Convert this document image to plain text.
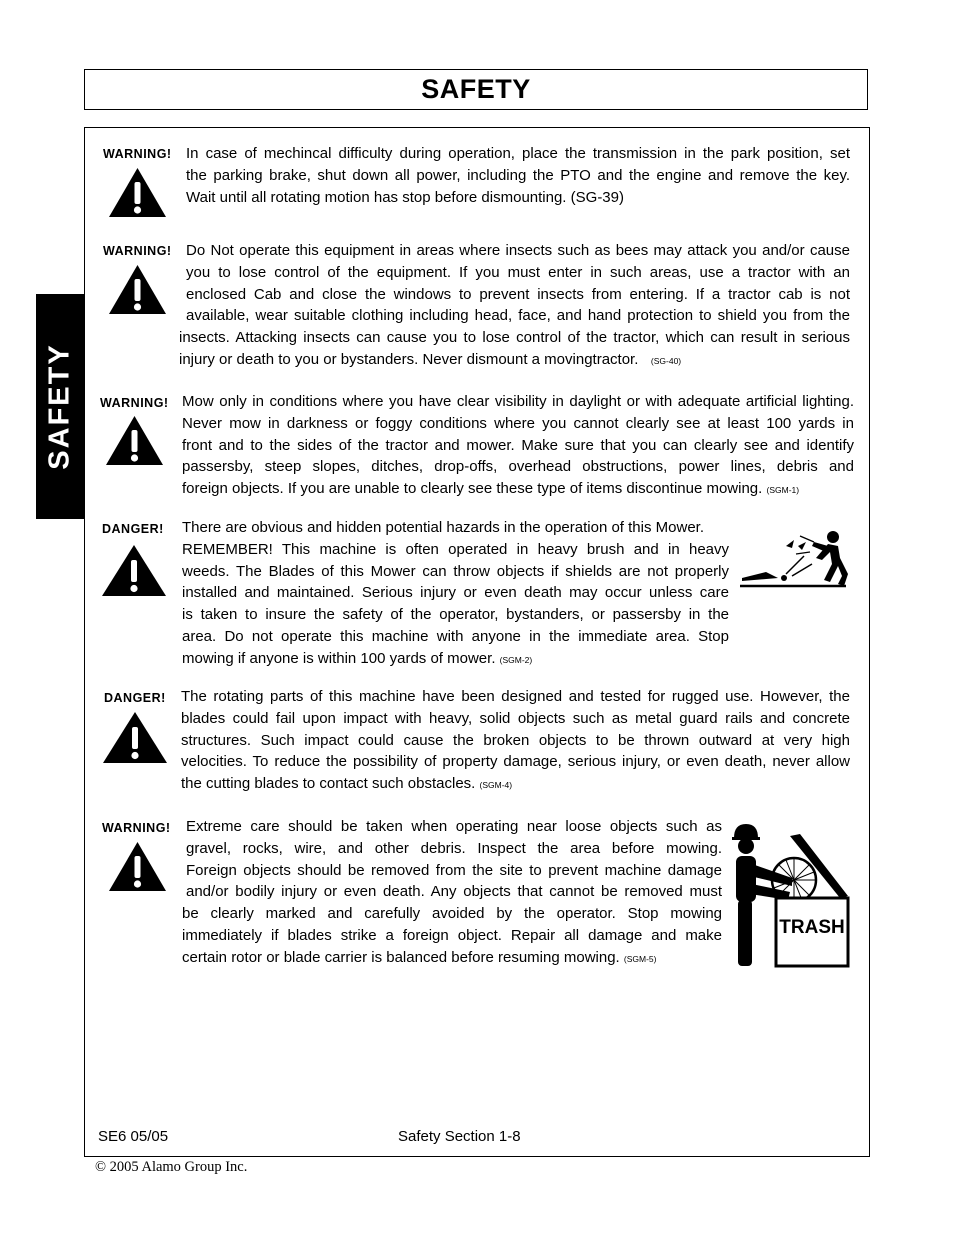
SAFETY
SAFETY
WARNING! In case of mechincal difficulty during operation, place the transmission in the park position, set
the parking brake, shut down all power, including the PTO and the engine and remove the key.
Wait until all rotating motion has stop before dismounting. (SG-39)
WARNING! Do Not operate this equipment in areas where insects such as bees may attack you and/or cause
you to lose control of the equipment. If you must enter in such areas, use a tractor with an
enclosed Cab and close the windows to prevent insects from entering. If a tractor cab is not
available, wear suitable clothing including head, face, and hand protection to shield you from the
insects. Attacking insects can cause you to lose control of the tractor, which can result in serious
injury or death to you or bystanders. Never dismount a movingtractor. (SG-40)
WARNING! Mow only in conditions where you have clear visibility in daylight or with adequate artificial lighting.
Never mow in darkness or foggy conditions where you cannot clearly see at least 100 yards in
front and to the sides of the tractor and mower. Make sure that you can clearly see and identify
passersby, steep slopes, ditches, drop-offs, overhead obstructions, power lines, debris and
foreign objects. If you are unable to clearly see these type of items discontinue mowing. (SGM-1)
DANGER! There are obvious and hidden potential hazards in the operation of this Mower.
REMEMBER! This machine is often operated in heavy brush and in heavy
weeds. The Blades of this Mower can throw objects if shields are not properly
installed and maintained. Serious injury or even death may occur unless care
is taken to insure the safety of the operator, bystanders, or passersby in the
area. Do not operate this machine with anyone in the immediate area. Stop
mowing if anyone is within 100 yards of mower. (SGM-2)
DANGER! The rotating parts of this machine have been designed and tested for rugged use. However, the
blades could fail upon impact with heavy, solid objects such as metal guard rails and concrete
structures. Such impact could cause the broken objects to be thrown outward at very high
velocities. To reduce the possibility of property damage, serious injury, or even death, never allow
the cutting blades to contact such obstacles. (SGM-4)
WARNING! Extreme care should be taken when operating near loose objects such as
gravel, rocks, wire, and other debris. Inspect the area before mowing.
Foreign objects should be removed from the site to prevent machine damage
and/or bodily injury or even death. Any objects that cannot be removed must
be clearly marked and carefully avoided by the operator. Stop mowing
immediately if blades strike a foreign object. Repair all damage and make
certain rotor or blade carrier is balanced before resuming mowing. (SGM-5)
TRASH
SE6 05/05	Safety Section 1-8
© 2005 Alamo Group Inc.
